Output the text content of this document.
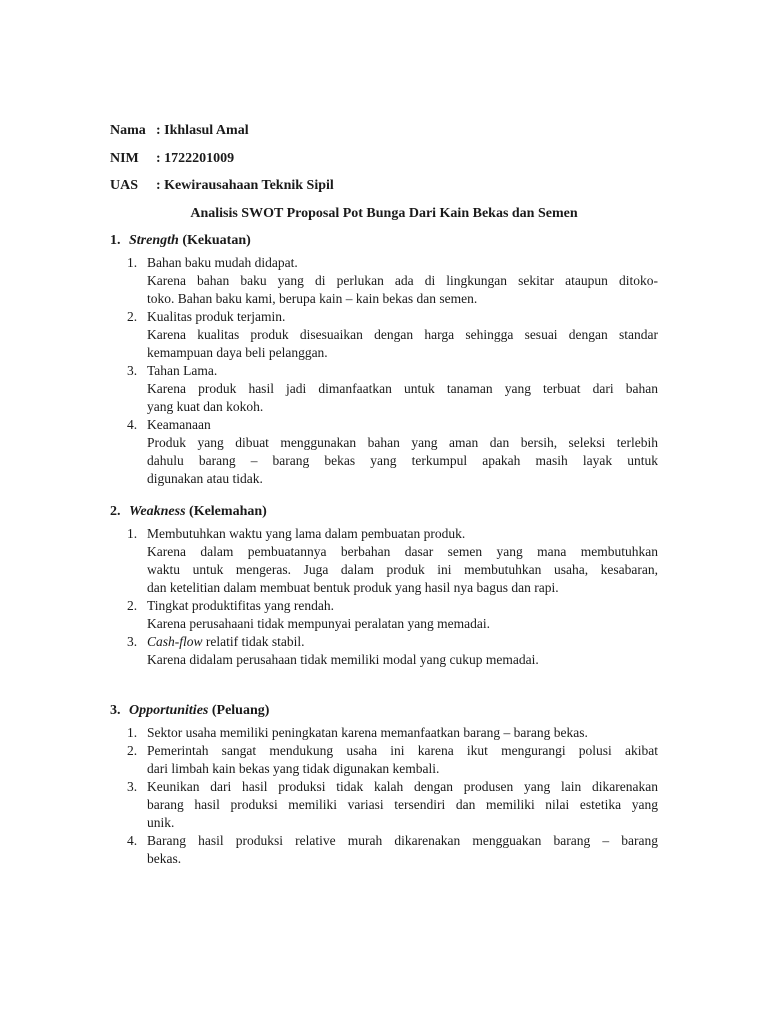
Nama : Ikhlasul Amal
NIM : 1722201009
UAS : Kewirausahaan Teknik Sipil
Analisis SWOT Proposal Pot Bunga Dari Kain Bekas dan Semen
1. Strength (Kekuatan)
1. Bahan baku mudah didapat.
Karena bahan baku yang di perlukan ada di lingkungan sekitar ataupun ditoko-
toko. Bahan baku kami, berupa kain – kain bekas dan semen.
2. Kualitas produk terjamin.
Karena kualitas produk disesuaikan dengan harga sehingga sesuai dengan standar
kemampuan daya beli pelanggan.
3. Tahan Lama.
Karena produk hasil jadi dimanfaatkan untuk tanaman yang terbuat dari bahan
yang kuat dan kokoh.
4. Keamanaan
Produk yang dibuat menggunakan bahan yang aman dan bersih, seleksi terlebih
dahulu barang – barang bekas yang terkumpul apakah masih layak untuk
digunakan atau tidak.
2. Weakness (Kelemahan)
1. Membutuhkan waktu yang lama dalam pembuatan produk.
Karena dalam pembuatannya berbahan dasar semen yang mana membutuhkan
waktu untuk mengeras. Juga dalam produk ini membutuhkan usaha, kesabaran,
dan ketelitian dalam membuat bentuk produk yang hasil nya bagus dan rapi.
2. Tingkat produktifitas yang rendah.
Karena perusahaani tidak mempunyai peralatan yang memadai.
3. Cash-flow relatif tidak stabil.
Karena didalam perusahaan tidak memiliki modal yang cukup memadai.
3. Opportunities (Peluang)
1. Sektor usaha memiliki peningkatan karena memanfaatkan barang – barang bekas.
2. Pemerintah sangat mendukung usaha ini karena ikut mengurangi polusi akibat
dari limbah kain bekas yang tidak digunakan kembali.
3. Keunikan dari hasil produksi tidak kalah dengan produsen yang lain dikarenakan
barang hasil produksi memiliki variasi tersendiri dan memiliki nilai estetika yang
unik.
4. Barang hasil produksi relative murah dikarenakan mengguakan barang – barang
bekas.
